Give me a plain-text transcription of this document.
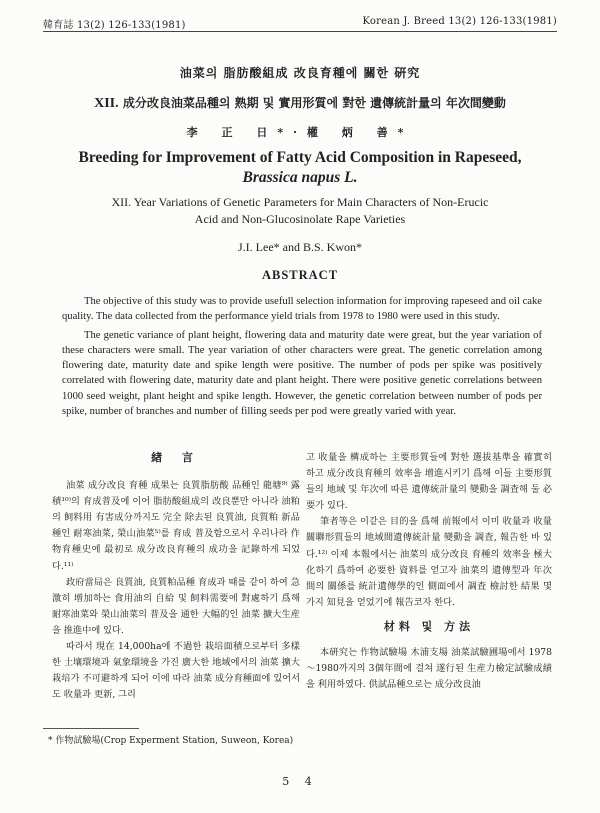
韓育誌 13(2) 126-133(1981)	Korean J. Breed 13(2) 126-133(1981)
油菜의 脂肪酸組成 改良育種에 關한 硏究
XII. 成分改良油菜品種의 熟期 및 實用形質에 對한 遺傳統計量의 年次間變動
李 正 日*·權 炳 善*
Breeding for Improvement of Fatty Acid Composition in Rapeseed,
Brassica napus L.
XII. Year Variations of Genetic Parameters for Main Characters of Non-Erucic
Acid and Non-Glucosinolate Rape Varieties
J.I. Lee* and B.S. Kwon*
ABSTRACT

The objective of this study was to provide usefull selection information for improving rapeseed and oil cake quality. The data collected from the performance yield trials from 1978 to 1980 were used in this study.

The genetic variance of plant height, flowering data and maturity date were great, but the year variation of these characters were small. The year variation of other characters were great. The genetic correlation among flowering date, maturity date and spike length were positive. The number of pods per spike was positively correlated with flowering date, maturity date and plant height. There were positive genetic correlations between 1000 seed weight, plant height and spike length. However, the genetic correlation between number of pods per spike, number of branches and number of filling seeds per pod were greatly varied with year.

緖 言

油菜 成分改良 育種 成果는 良質脂肪酸 品種인 龍塘⁹⁾ 露積¹⁰⁾의 育成普及에 이어 脂肪酸組成의 改良뿐만 아니라 油粕의 飼料用 有害成分까지도 完全 除去된 良質油, 良質粕 新品種인 耐寒油菜, 榮山油菜⁵⁾를 育成 普及함으로서 우리나라 作物育種史에 最初로 成分改良育種의 成功을 記錄하게 되었다.¹¹⁾

政府當局은 良質油, 良質粕品種 育成과 때를 같이 하여 急激히 增加하는 食用油의 自給 및 飼料需要에 對處하기 爲해 耐寒油菜와 榮山油菜의 普及을 通한 大幅的인 油菜 擴大生産을 推進中에 있다.

따라서 現在 14,000ha에 不過한 栽培面積으로부터 多樣한 土壤環境과 氣象環境을 가진 廣大한 地域에서의 油菜 擴大栽培가 不可避하게 되어 이에 따라 油菜 成分育種面에 있어서도 收量과 更新, 그리

고 收量을 構成하는 主要形質들에 對한 選拔基準을 確實히 하고 成分改良育種의 效率을 增進시키기 爲해 이들 主要形質들의 地域 및 年次에 따른 遺傳統計量의 變動을 調査해 둘 必要가 있다.

筆者等은 이같은 目的을 爲해 前報에서 이미 收量과 收量 關聯形質들의 地域間遺傳統計量 變動을 調査, 報告한 바 있다.¹²⁾ 이제 本報에서는 油菜의 成分改良 育種의 效率을 極大化하기 爲하여 必要한 資料를 얻고자 油菜의 遺傳型과 年次間의 關係를 統計遺傳學的인 側面에서 調査 檢討한 結果 몇가지 知見을 얻었기에 報告코자 한다.

材料 및 方法

本硏究는 作物試驗場 木浦支場 油菜試驗圃場에서 1978～1980까지의 3個年間에 걸쳐 遂行된 生産力檢定試驗成績을 利用하였다. 供試品種으로는 成分改良油

* 作物試驗場(Crop Experment Station, Suweon, Korea)
5 4
